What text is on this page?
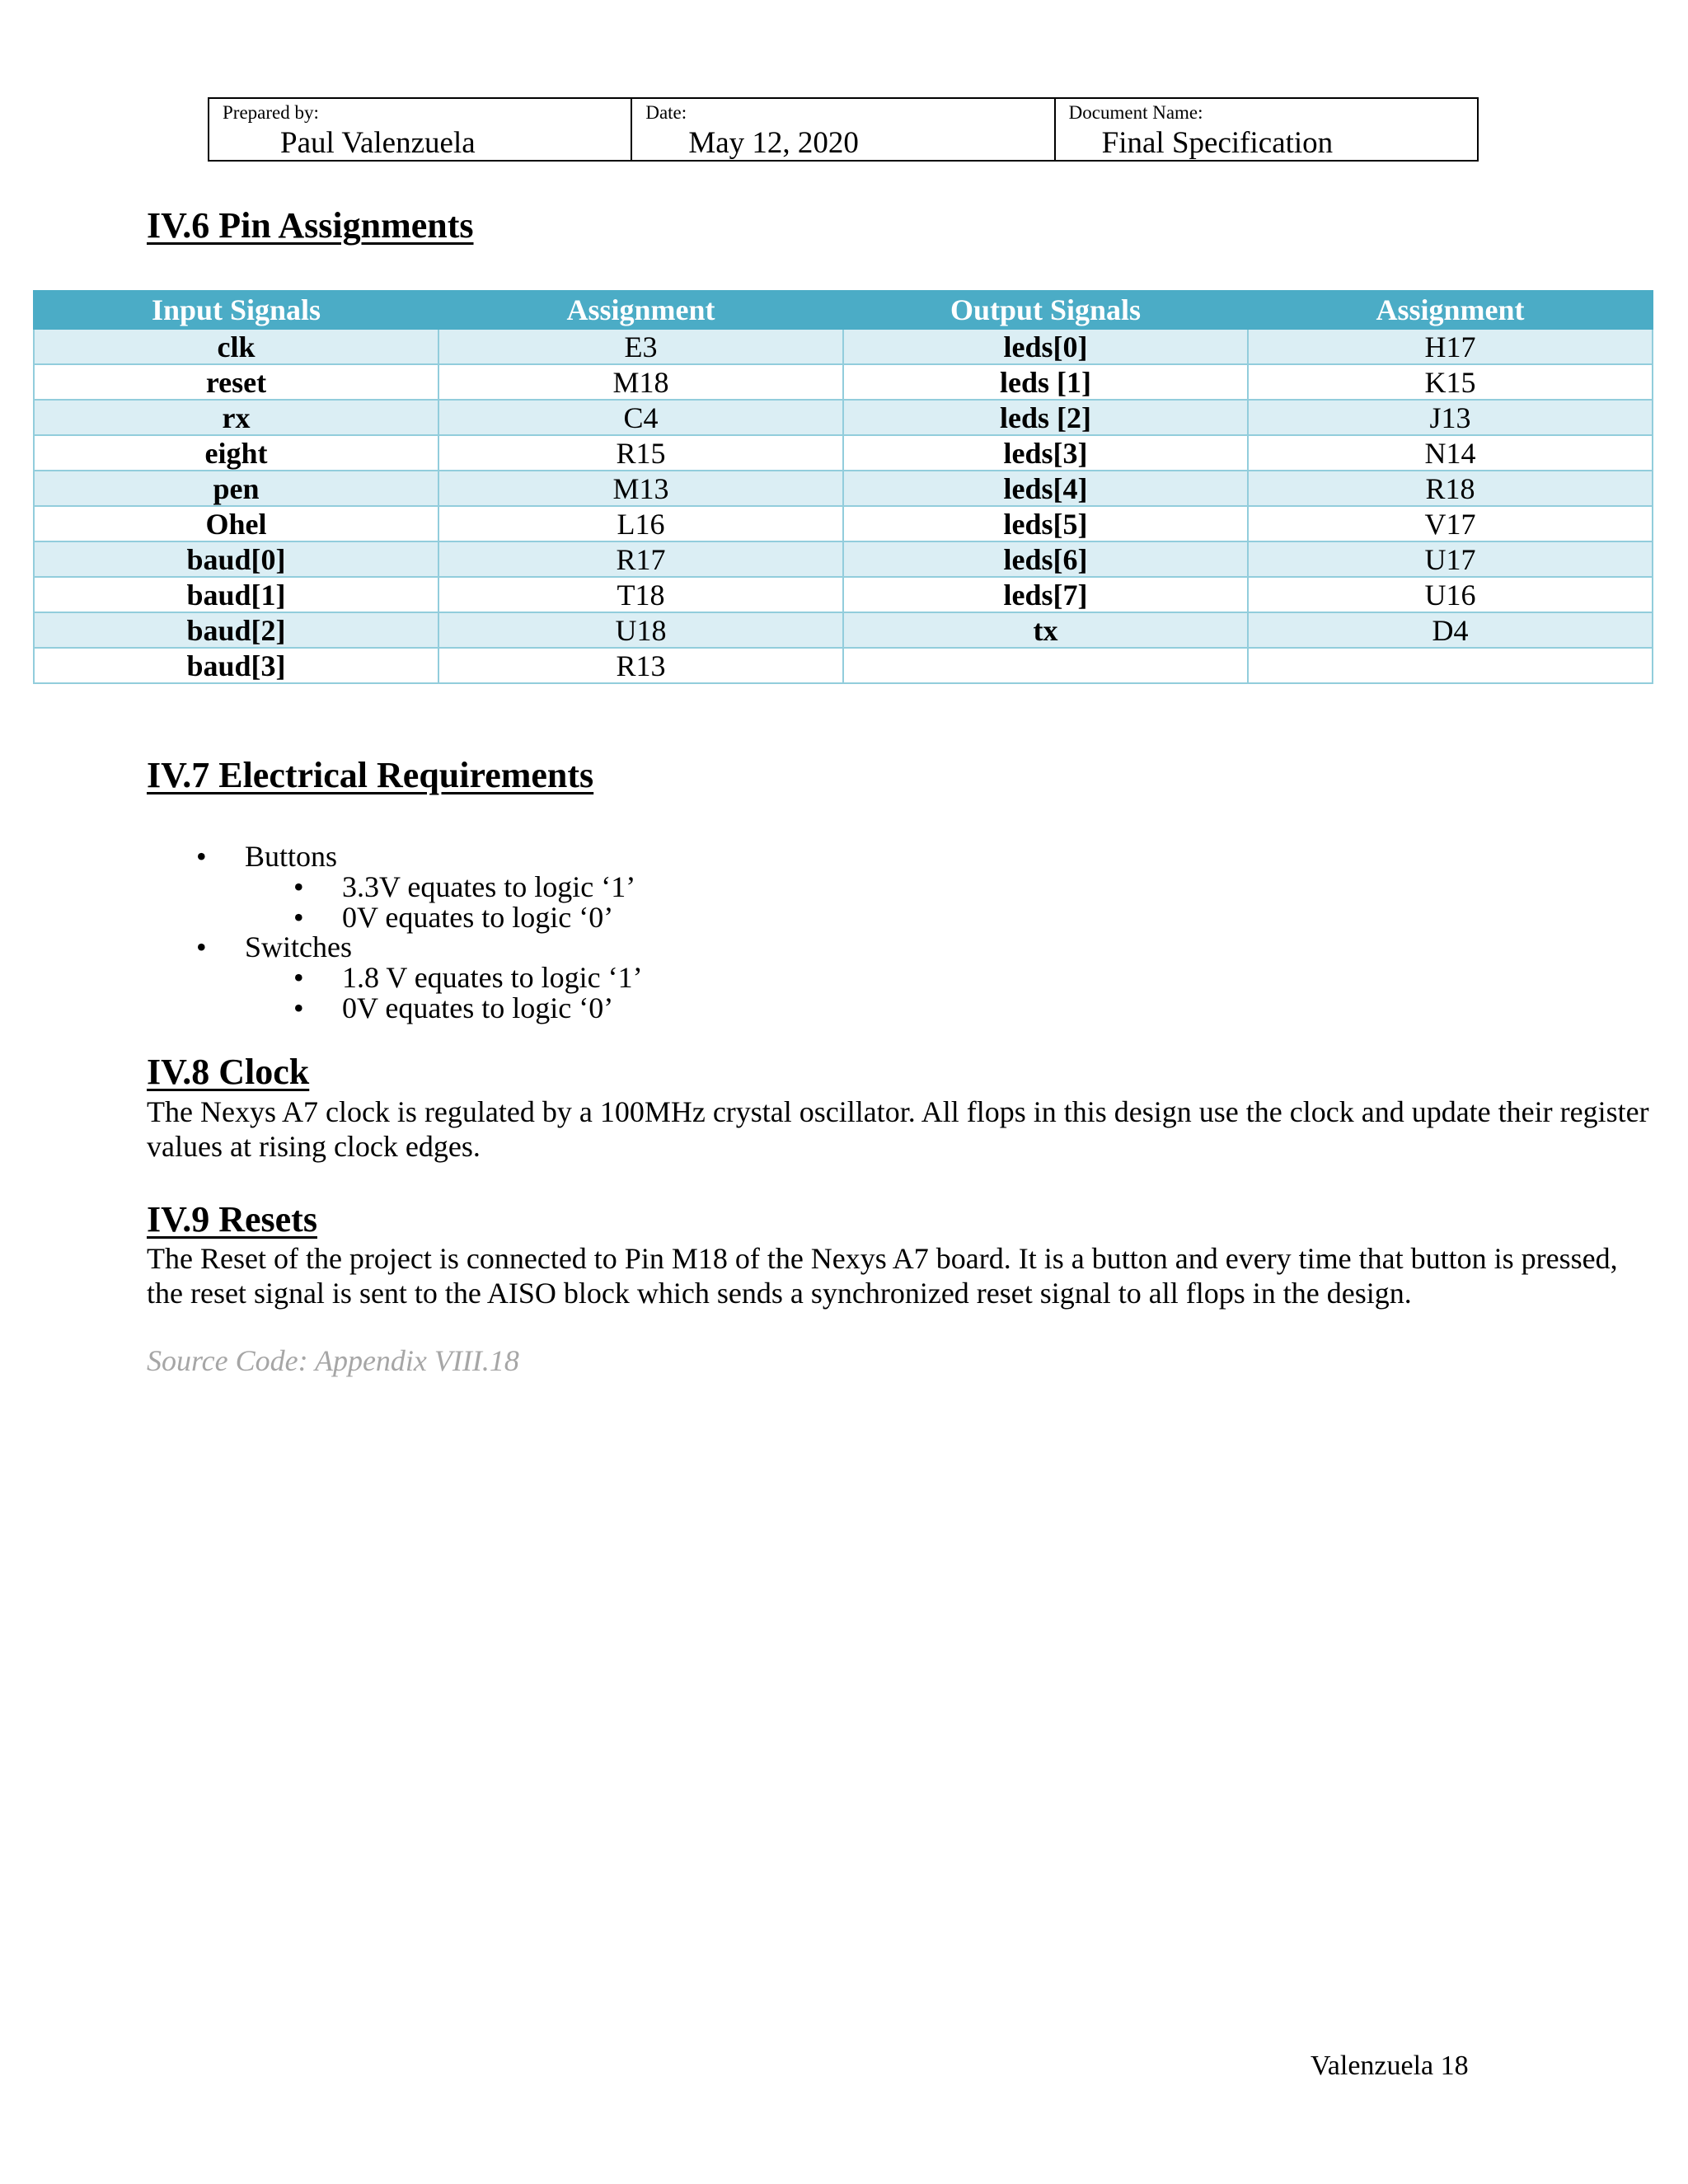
Prepared by:
Paul Valenzuela
Date:
May 12, 2020
Document Name:
Final Specification
IV.6 Pin Assignments
Input Signals	Assignment	Output Signals	Assignment
clk	E3	leds[0]	H17
reset	M18	leds [1]	K15
rx	C4	leds [2]	J13
eight	R15	leds[3]	N14
pen	M13	leds[4]	R18
Ohel	L16	leds[5]	V17
baud[0]	R17	leds[6]	U17
baud[1]	T18	leds[7]	U16
baud[2]	U18	tx	D4
baud[3]	R13		
IV.7 Electrical Requirements
• Buttons
• 3.3V equates to logic ‘1’
• 0V equates to logic ‘0’
• Switches
• 1.8 V equates to logic ‘1’
• 0V equates to logic ‘0’
IV.8 Clock
The Nexys A7 clock is regulated by a 100MHz crystal oscillator. All flops in this design use the clock and update their register values at rising clock edges.
IV.9 Resets
The Reset of the project is connected to Pin M18 of the Nexys A7 board. It is a button and every time that button is pressed, the reset signal is sent to the AISO block which sends a synchronized reset signal to all flops in the design.
Source Code: Appendix VIII.18
Valenzuela 18
